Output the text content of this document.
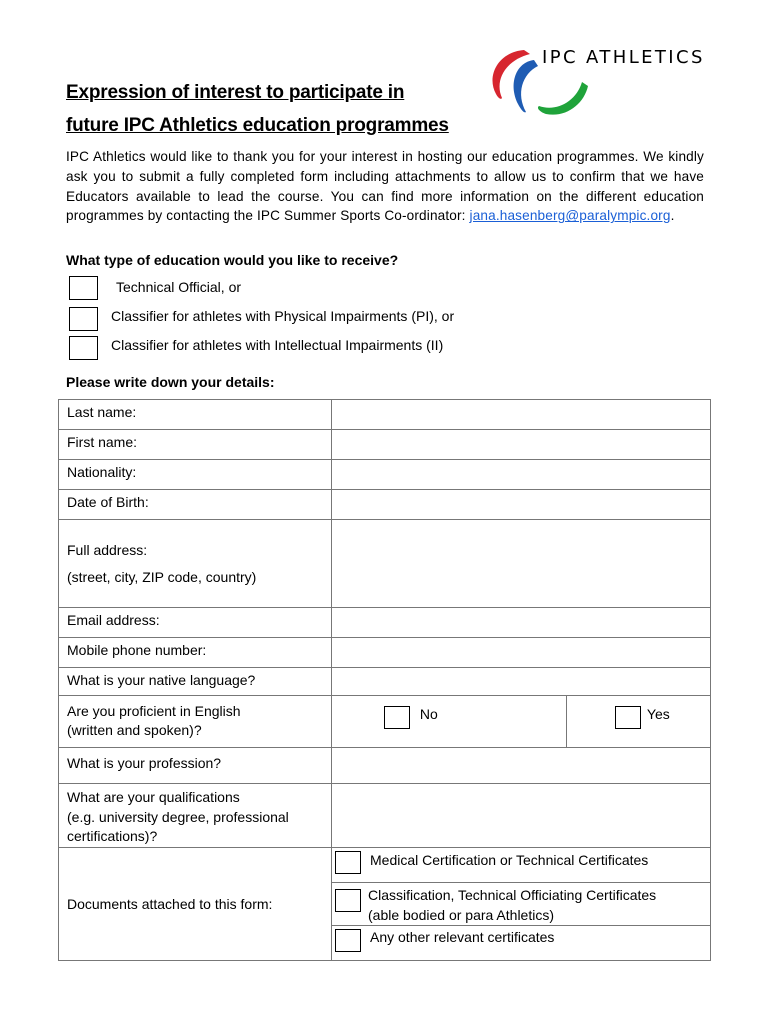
IPC ATHLETICS
Expression of interest to participate in
future IPC Athletics education programmes
IPC Athletics would like to thank you for your interest in hosting our education programmes. We kindly ask you to submit a fully completed form including attachments to allow us to confirm that we have Educators available to lead the course. You can find more information on the different education programmes by contacting the IPC Summer Sports Co-ordinator: jana.hasenberg@paralympic.org.
What type of education would you like to receive?
Technical Official, or
Classifier for athletes with Physical Impairments (PI), or
Classifier for athletes with Intellectual Impairments (II)
Please write down your details:
Last name:		
First name:		
Nationality:		
Date of Birth:		

Full address:
(street, city, ZIP code, country)		

Email address:		
Mobile phone number:		
What is your native language?		

Are you proficient in English
(written and spoken)?	No	Yes
What is your profession?		

What are your qualifications
(e.g. university degree, professional
certifications)?		

Documents attached to this form:	Medical Certification or Technical Certificates
Classification, Technical Officiating Certificates
(able bodied or para Athletics)
Any other relevant certificates	
